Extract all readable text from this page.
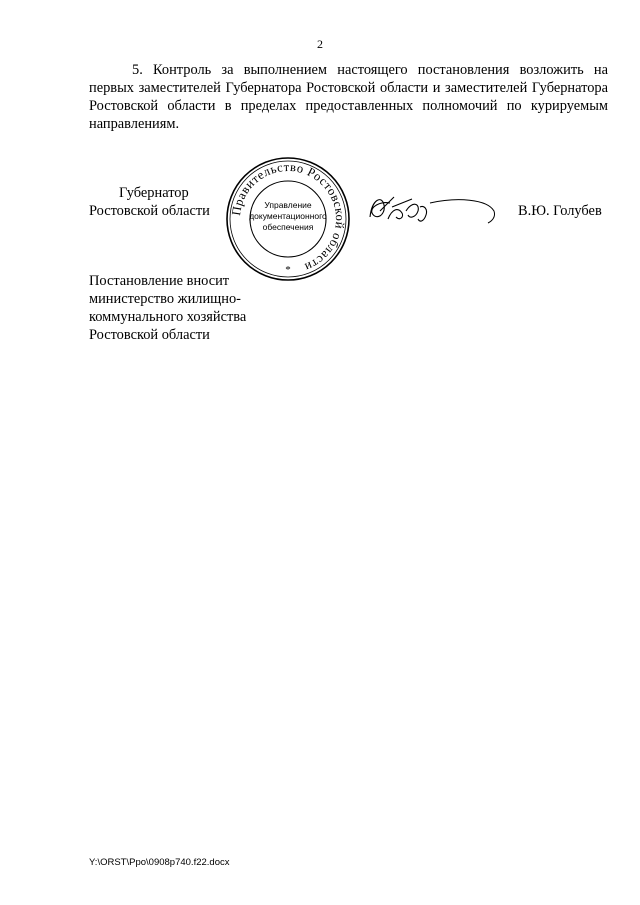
2

5. Контроль за выполнением настоящего постановления возложить на первых заместителей Губернатора Ростовской области и заместителей Губернатора Ростовской области в пределах предоставленных полномочий по курируемым направлениям.

Губернатор
Ростовской области Правительство Ростовской области
Управление
документационного
обеспечения
*
В.Ю. Голубев
Постановление вносит
министерство жилищно-
коммунального хозяйства
Ростовской области
Y:\ORST\Ppo\0908p740.f22.docx
